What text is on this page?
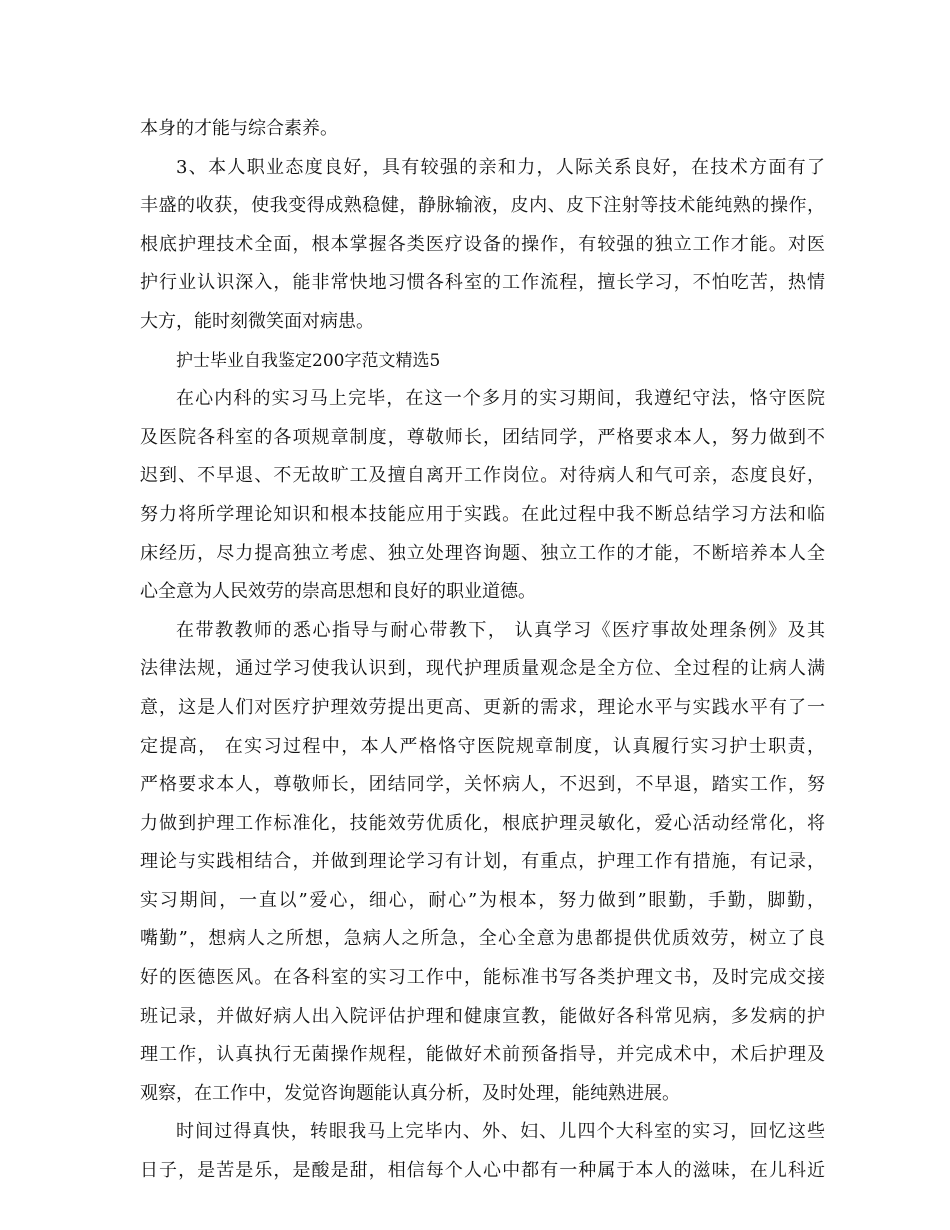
本身的才能与综合素养。
3、本人职业态度良好，具有较强的亲和力，人际关系良好，在技术方面有了
丰盛的收获，使我变得成熟稳健，静脉输液，皮内、皮下注射等技术能纯熟的操作，
根底护理技术全面，根本掌握各类医疗设备的操作，有较强的独立工作才能。对医
护行业认识深入，能非常快地习惯各科室的工作流程，擅长学习，不怕吃苦，热情
大方，能时刻微笑面对病患。
护士毕业自我鉴定200字范文精选5
在心内科的实习马上完毕，在这一个多月的实习期间，我遵纪守法，恪守医院
及医院各科室的各项规章制度，尊敬师长，团结同学，严格要求本人，努力做到不
迟到、不早退、不无故旷工及擅自离开工作岗位。对待病人和气可亲，态度良好，
努力将所学理论知识和根本技能应用于实践。在此过程中我不断总结学习方法和临
床经历，尽力提高独立考虑、独立处理咨询题、独立工作的才能，不断培养本人全
心全意为人民效劳的崇高思想和良好的职业道德。
在带教教师的悉心指导与耐心带教下， 认真学习《医疗事故处理条例》及其
法律法规，通过学习使我认识到，现代护理质量观念是全方位、全过程的让病人满
意，这是人们对医疗护理效劳提出更高、更新的需求，理论水平与实践水平有了一
定提高， 在实习过程中，本人严格恪守医院规章制度，认真履行实习护士职责，
严格要求本人，尊敬师长，团结同学，关怀病人，不迟到，不早退，踏实工作，努
力做到护理工作标准化，技能效劳优质化，根底护理灵敏化，爱心活动经常化，将
理论与实践相结合，并做到理论学习有计划，有重点，护理工作有措施，有记录，
实习期间，一直以”爱心，细心，耐心”为根本，努力做到”眼勤，手勤，脚勤，
嘴勤”，想病人之所想，急病人之所急，全心全意为患都提供优质效劳，树立了良
好的医德医风。在各科室的实习工作中，能标准书写各类护理文书，及时完成交接
班记录，并做好病人出入院评估护理和健康宣教，能做好各科常见病，多发病的护
理工作，认真执行无菌操作规程，能做好术前预备指导，并完成术中，术后护理及
观察，在工作中，发觉咨询题能认真分析，及时处理，能纯熟进展。
时间过得真快，转眼我马上完毕内、外、妇、儿四个大科室的实习，回忆这些
日子，是苦是乐，是酸是甜，相信每个人心中都有一种属于本人的滋味，在儿科近
